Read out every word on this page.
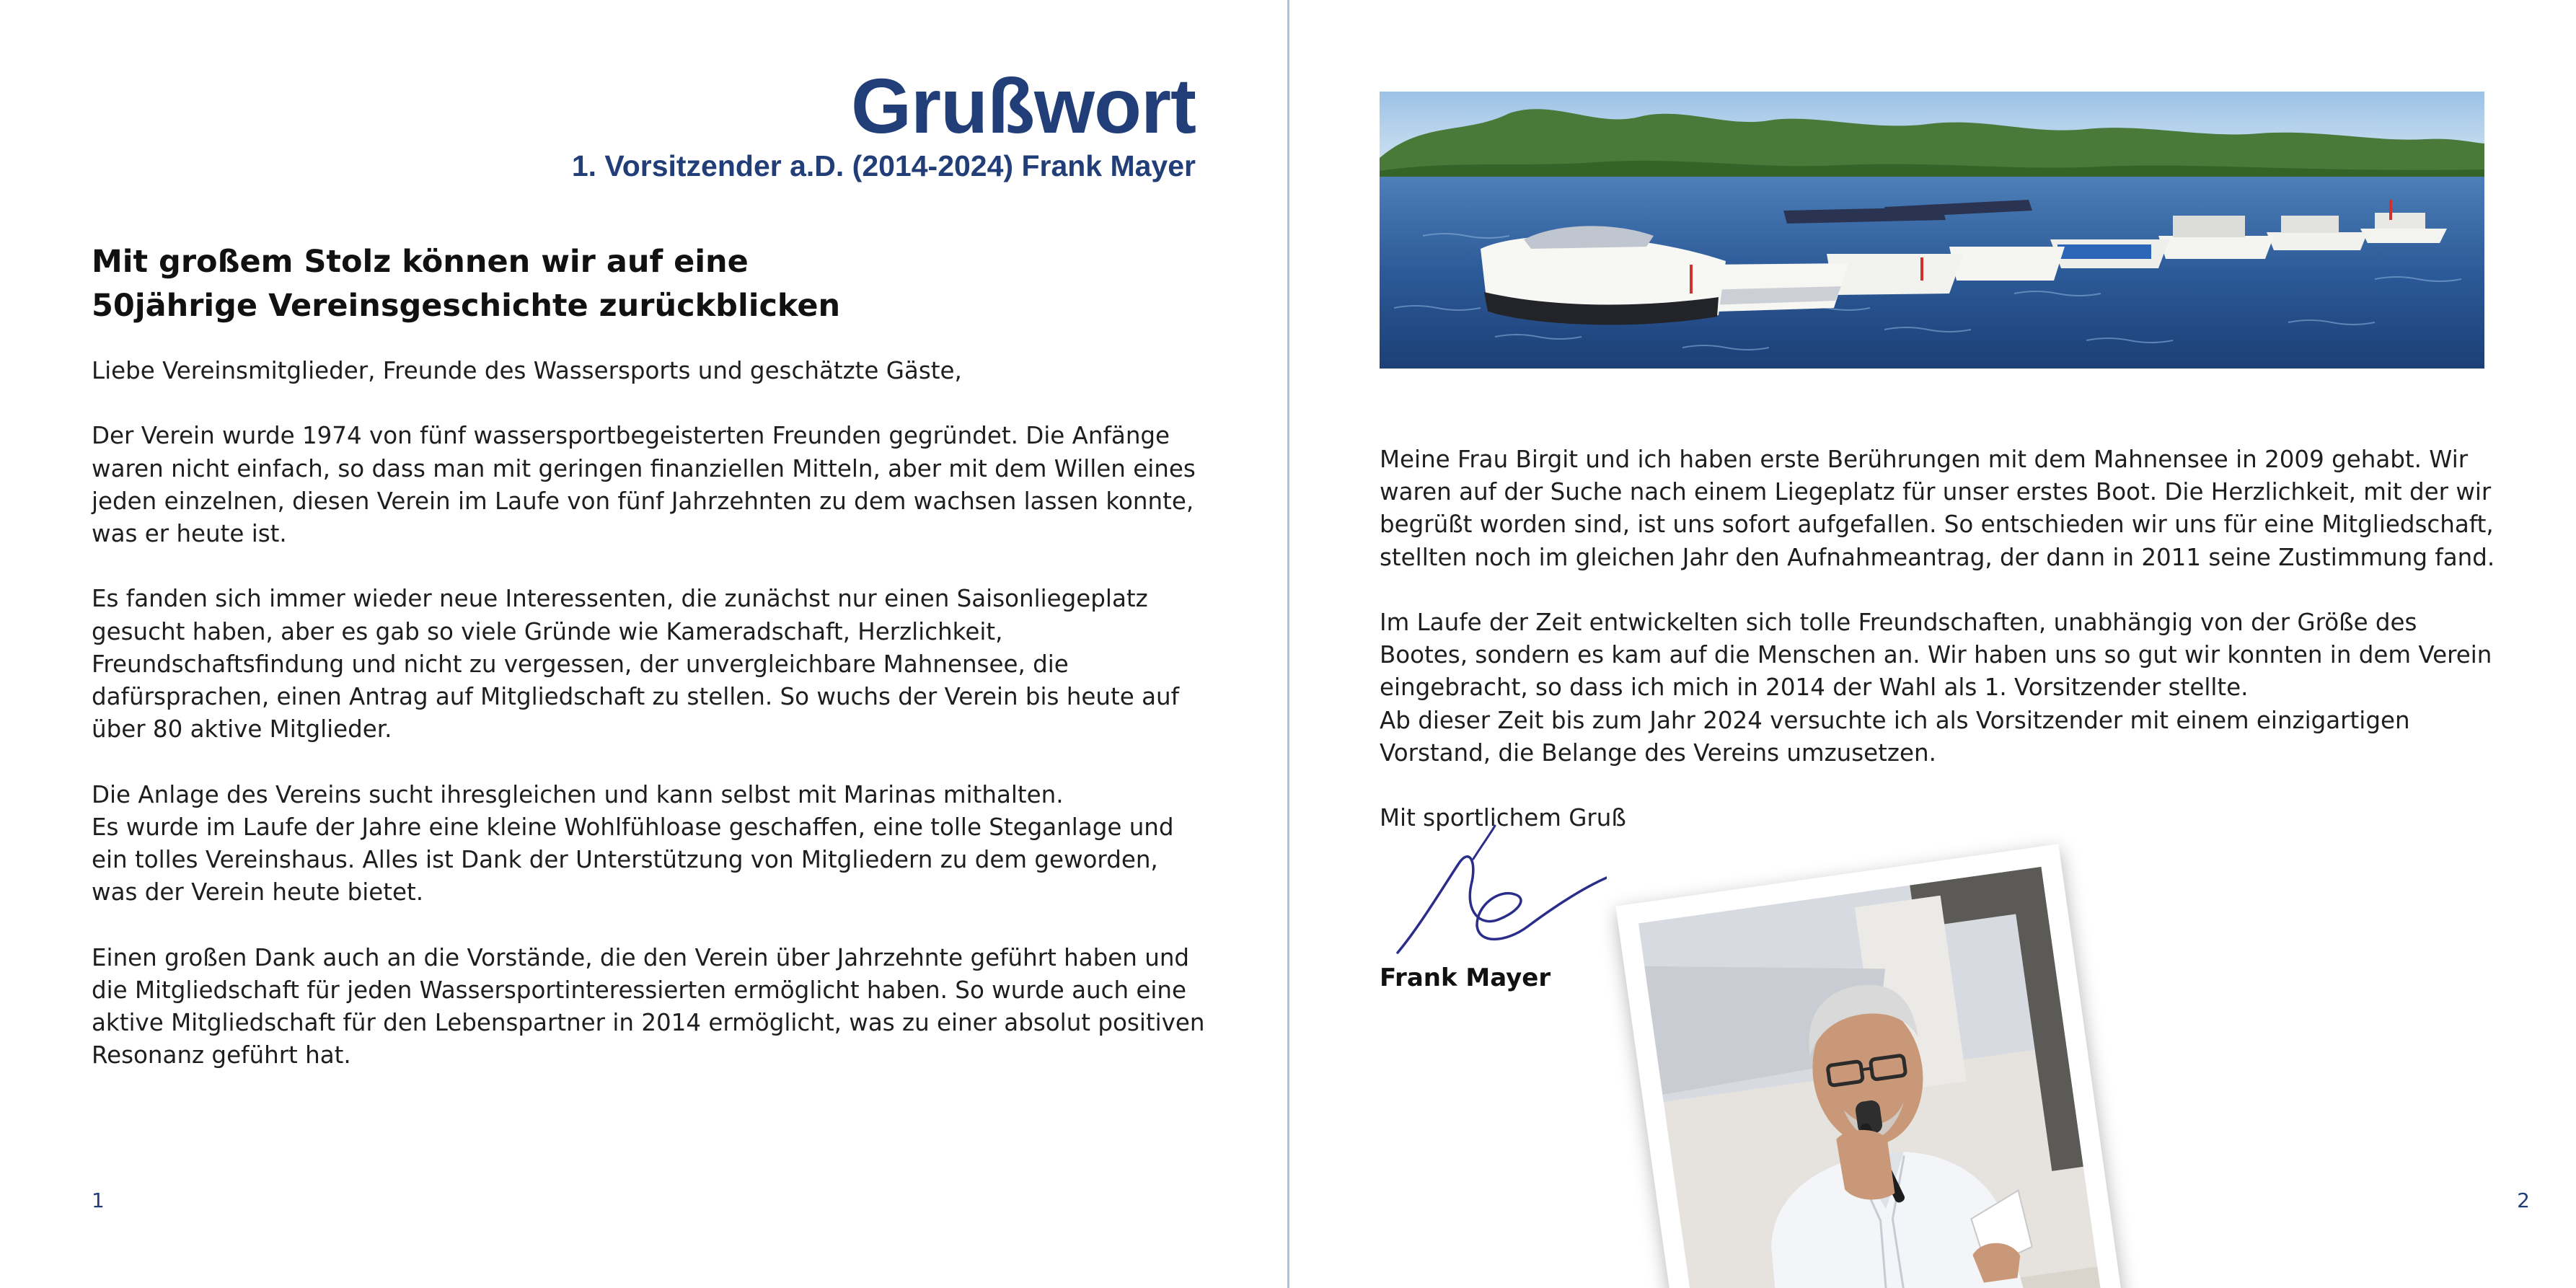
Grußwort
1. Vorsitzender a.D. (2014-2024) Frank Mayer
Mit großem Stolz können wir auf eine
50jährige Vereinsgeschichte zurückblicken

Liebe Vereinsmitglieder, Freunde des Wassersports und geschätzte Gäste,

Der Verein wurde 1974 von fünf wassersportbegeisterten Freunden gegründet. Die Anfänge waren nicht einfach, so dass man mit geringen finanziellen Mitteln, aber mit dem Willen eines jeden einzelnen, diesen Verein im Laufe von fünf Jahrzehnten zu dem wachsen lassen konnte, was er heute ist.

Es fanden sich immer wieder neue Interessenten, die zunächst nur einen Saisonliegeplatz gesucht haben, aber es gab so viele Gründe wie Kameradschaft, Herzlichkeit, Freundschaftsfindung und nicht zu vergessen, der unvergleichbare Mahnensee, die dafürsprachen, einen Antrag auf Mitgliedschaft zu stellen. So wuchs der Verein bis heute auf über 80 aktive Mitglieder.

Die Anlage des Vereins sucht ihresgleichen und kann selbst mit Marinas mithalten.
Es wurde im Laufe der Jahre eine kleine Wohlfühloase geschaffen, eine tolle Steganlage und ein tolles Vereinshaus. Alles ist Dank der Unterstützung von Mitgliedern zu dem geworden, was der Verein heute bietet.

Einen großen Dank auch an die Vorstände, die den Verein über Jahrzehnte geführt haben und die Mitgliedschaft für jeden Wassersportinteressierten ermöglicht haben. So wurde auch eine aktive Mitgliedschaft für den Lebenspartner in 2014 ermöglicht, was zu einer absolut positiven Resonanz geführt hat.

1

Meine Frau Birgit und ich haben erste Berührungen mit dem Mahnensee in 2009 gehabt. Wir waren auf der Suche nach einem Liegeplatz für unser erstes Boot. Die Herzlichkeit, mit der wir begrüßt worden sind, ist uns sofort aufgefallen. So entschieden wir uns für eine Mitgliedschaft, stellten noch im gleichen Jahr den Aufnahmeantrag, der dann in 2011 seine Zustimmung fand.

Im Laufe der Zeit entwickelten sich tolle Freundschaften, unabhängig von der Größe des Bootes, sondern es kam auf die Menschen an. Wir haben uns so gut wir konnten in dem Verein eingebracht, so dass ich mich in 2014 der Wahl als 1. Vorsitzender stellte.
Ab dieser Zeit bis zum Jahr 2024 versuchte ich als Vorsitzender mit einem einzigartigen Vorstand, die Belange des Vereins umzusetzen.

Mit sportlichem Gruß

Frank Mayer

2
